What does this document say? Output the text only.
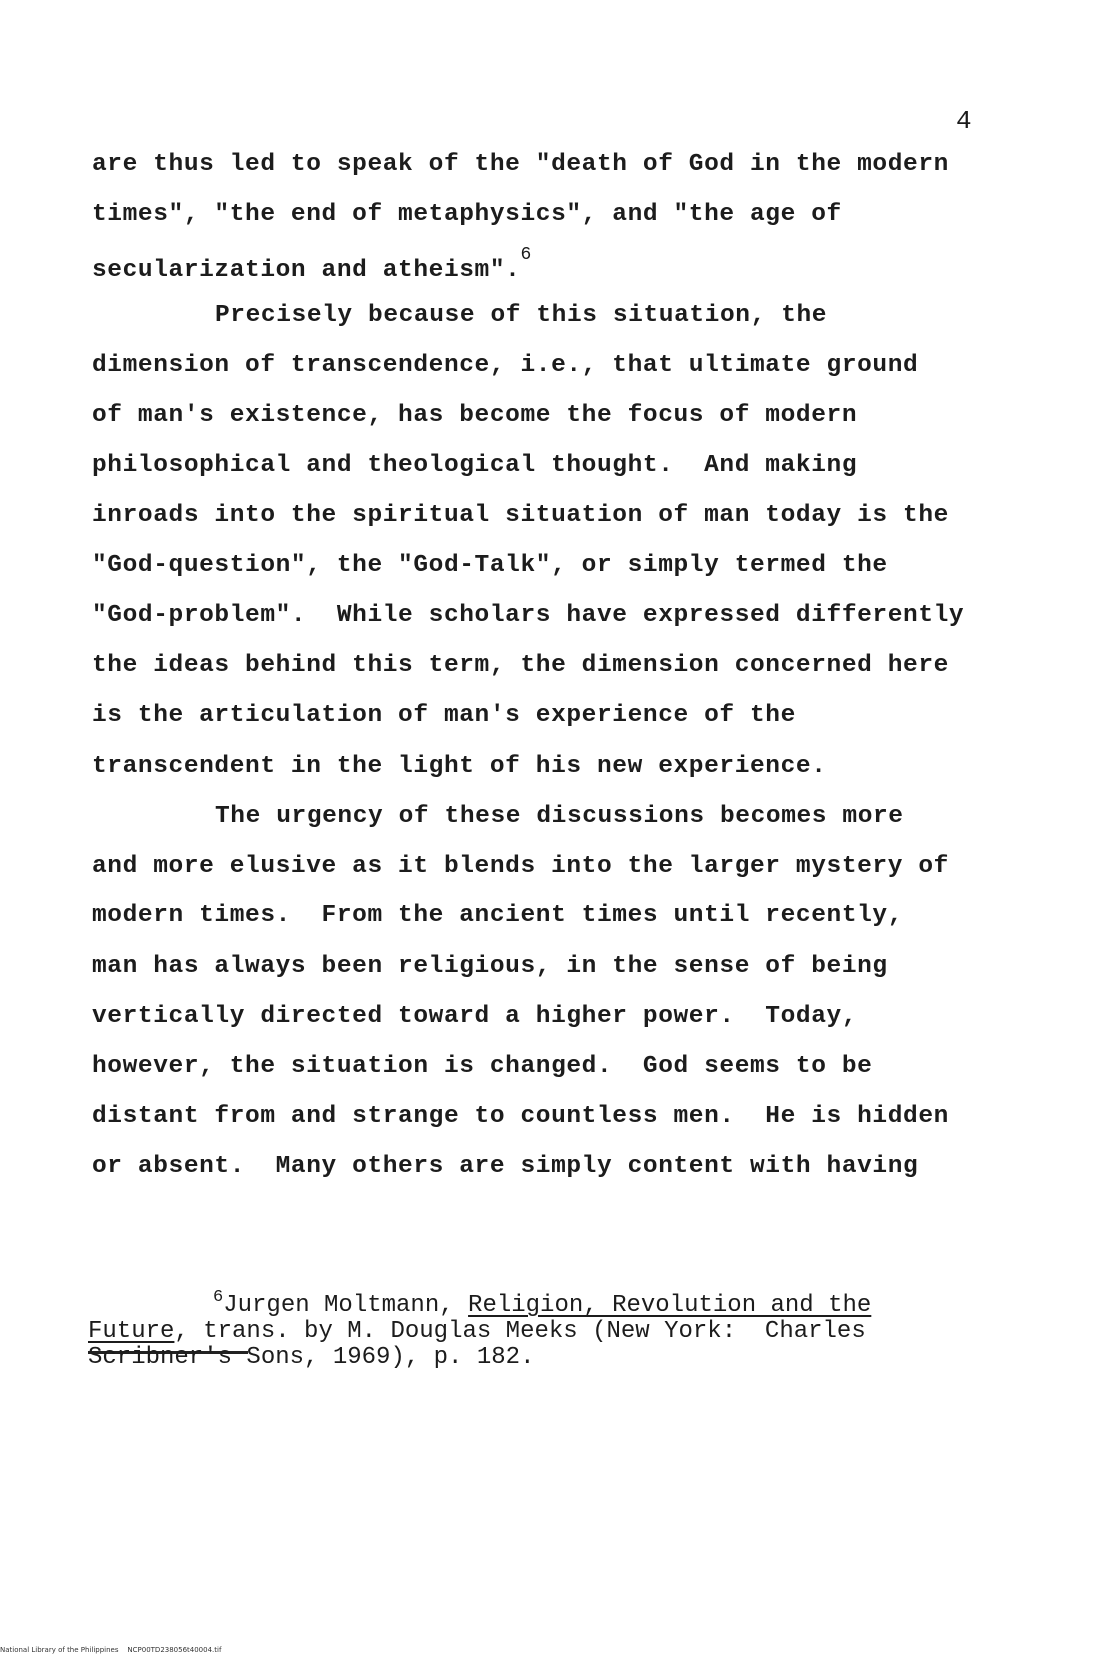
4
are thus led to speak of the "death of God in the modern
times", "the end of metaphysics", and "the age of
secularization and atheism".$^6$
Precisely because of this situation, the
dimension of transcendence, i.e., that ultimate ground
of man's existence, has become the focus of modern
philosophical and theological thought.  And making
inroads into the spiritual situation of man today is the
"God-question", the "God-Talk", or simply termed the
"God-problem".  While scholars have expressed differently
the ideas behind this term, the dimension concerned here
is the articulation of man's experience of the
transcendent in the light of his new experience.
The urgency of these discussions becomes more
and more elusive as it blends into the larger mystery of
modern times.  From the ancient times until recently,
man has always been religious, in the sense of being
vertically directed toward a higher power.  Today,
however, the situation is changed.  God seems to be
distant from and strange to countless men.  He is hidden
or absent.  Many others are simply content with having
$^6$Jurgen Moltmann, Religion, Revolution and the
Future, trans. by M. Douglas Meeks (New York:  Charles
Scribner's Sons, 1969), p. 182.
National Library of the Philippines    NCP00TD238056t40004.tif
